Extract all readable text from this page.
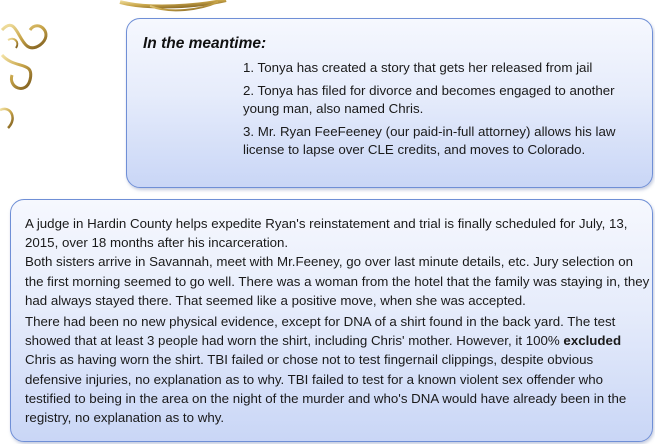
In the meantime:
1. Tonya has created a story that gets her released from jail
2. Tonya has filed for divorce and becomes engaged to another young man, also named Chris.
3. Mr. Ryan FeeFeeney (our paid-in-full attorney) allows his law license to lapse over CLE credits, and moves to Colorado.

A judge in Hardin County helps expedite Ryan's reinstatement and trial is finally scheduled for July, 13, 2015, over 18 months after his incarceration.

Both sisters arrive in Savannah, meet with Mr.Feeney, go over last minute details, etc. Jury selection on the first morning seemed to go well. There was a woman from the hotel that the family was staying in, they had always stayed there. That seemed like a positive move, when she was accepted.

There had been no new physical evidence, except for DNA of a shirt found in the back yard. The test showed that at least 3 people had worn the shirt, including Chris' mother. However, it 100% excluded Chris as having worn the shirt. TBI failed or chose not to test fingernail clippings, despite obvious defensive injuries, no explanation as to why. TBI failed to test for a known violent sex offender who testified to being in the area on the night of the murder and who's DNA would have already been in the registry, no explanation as to why.
